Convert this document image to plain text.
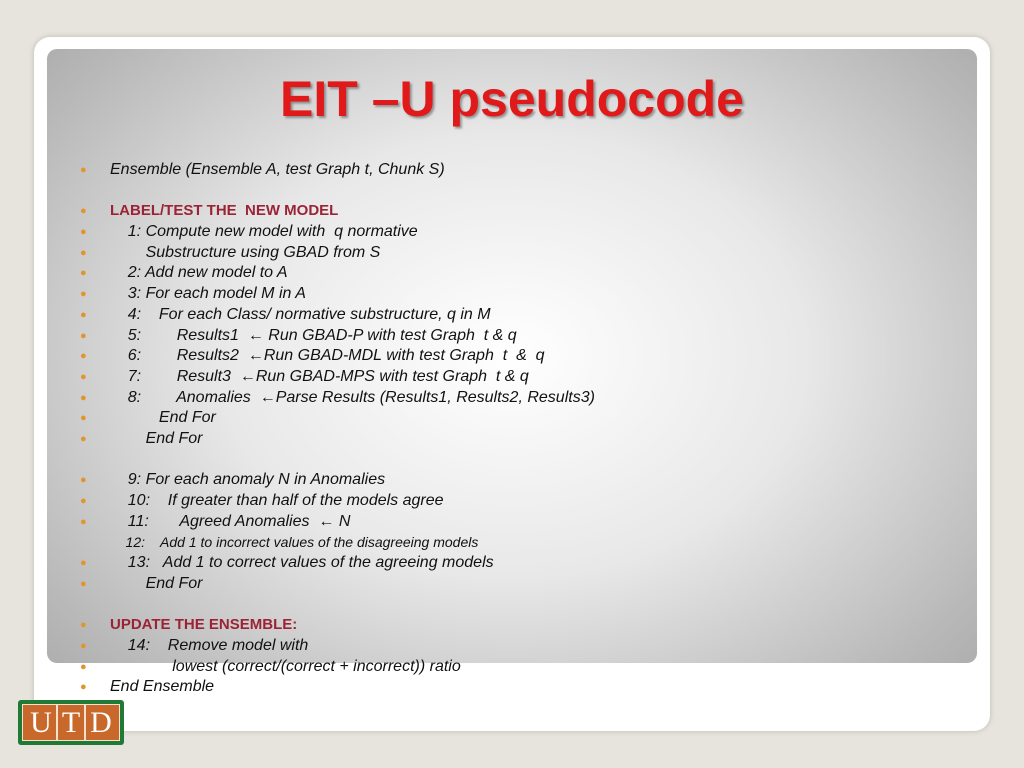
EIT –U pseudocode
●	Ensemble (Ensemble A, test Graph t, Chunk S)
●	LABEL/TEST THE  NEW MODEL
●	1: Compute new model with  q normative
●	Substructure using GBAD from S
●	2: Add new model to A
●	3: For each model M in A
●	4:    For each Class/ normative substructure, q in M
●	5:        Results1  ← Run GBAD-P with test Graph  t & q
●	6:        Results2  ←Run GBAD-MDL with test Graph  t  &  q
●	7:        Result3  ←Run GBAD-MPS with test Graph  t & q
●	8:        Anomalies  ←Parse Results (Results1, Results2, Results3)
●	End For
●	End For
●	9: For each anomaly N in Anomalies
●	10:    If greater than half of the models agree
●	11:       Agreed Anomalies  ← N
12:    Add 1 to incorrect values of the disagreeing models
●	13:   Add 1 to correct values of the agreeing models
●	End For
●	UPDATE THE ENSEMBLE:
●	14:    Remove model with
●	lowest (correct/(correct + incorrect)) ratio
●	End Ensemble
U T D
